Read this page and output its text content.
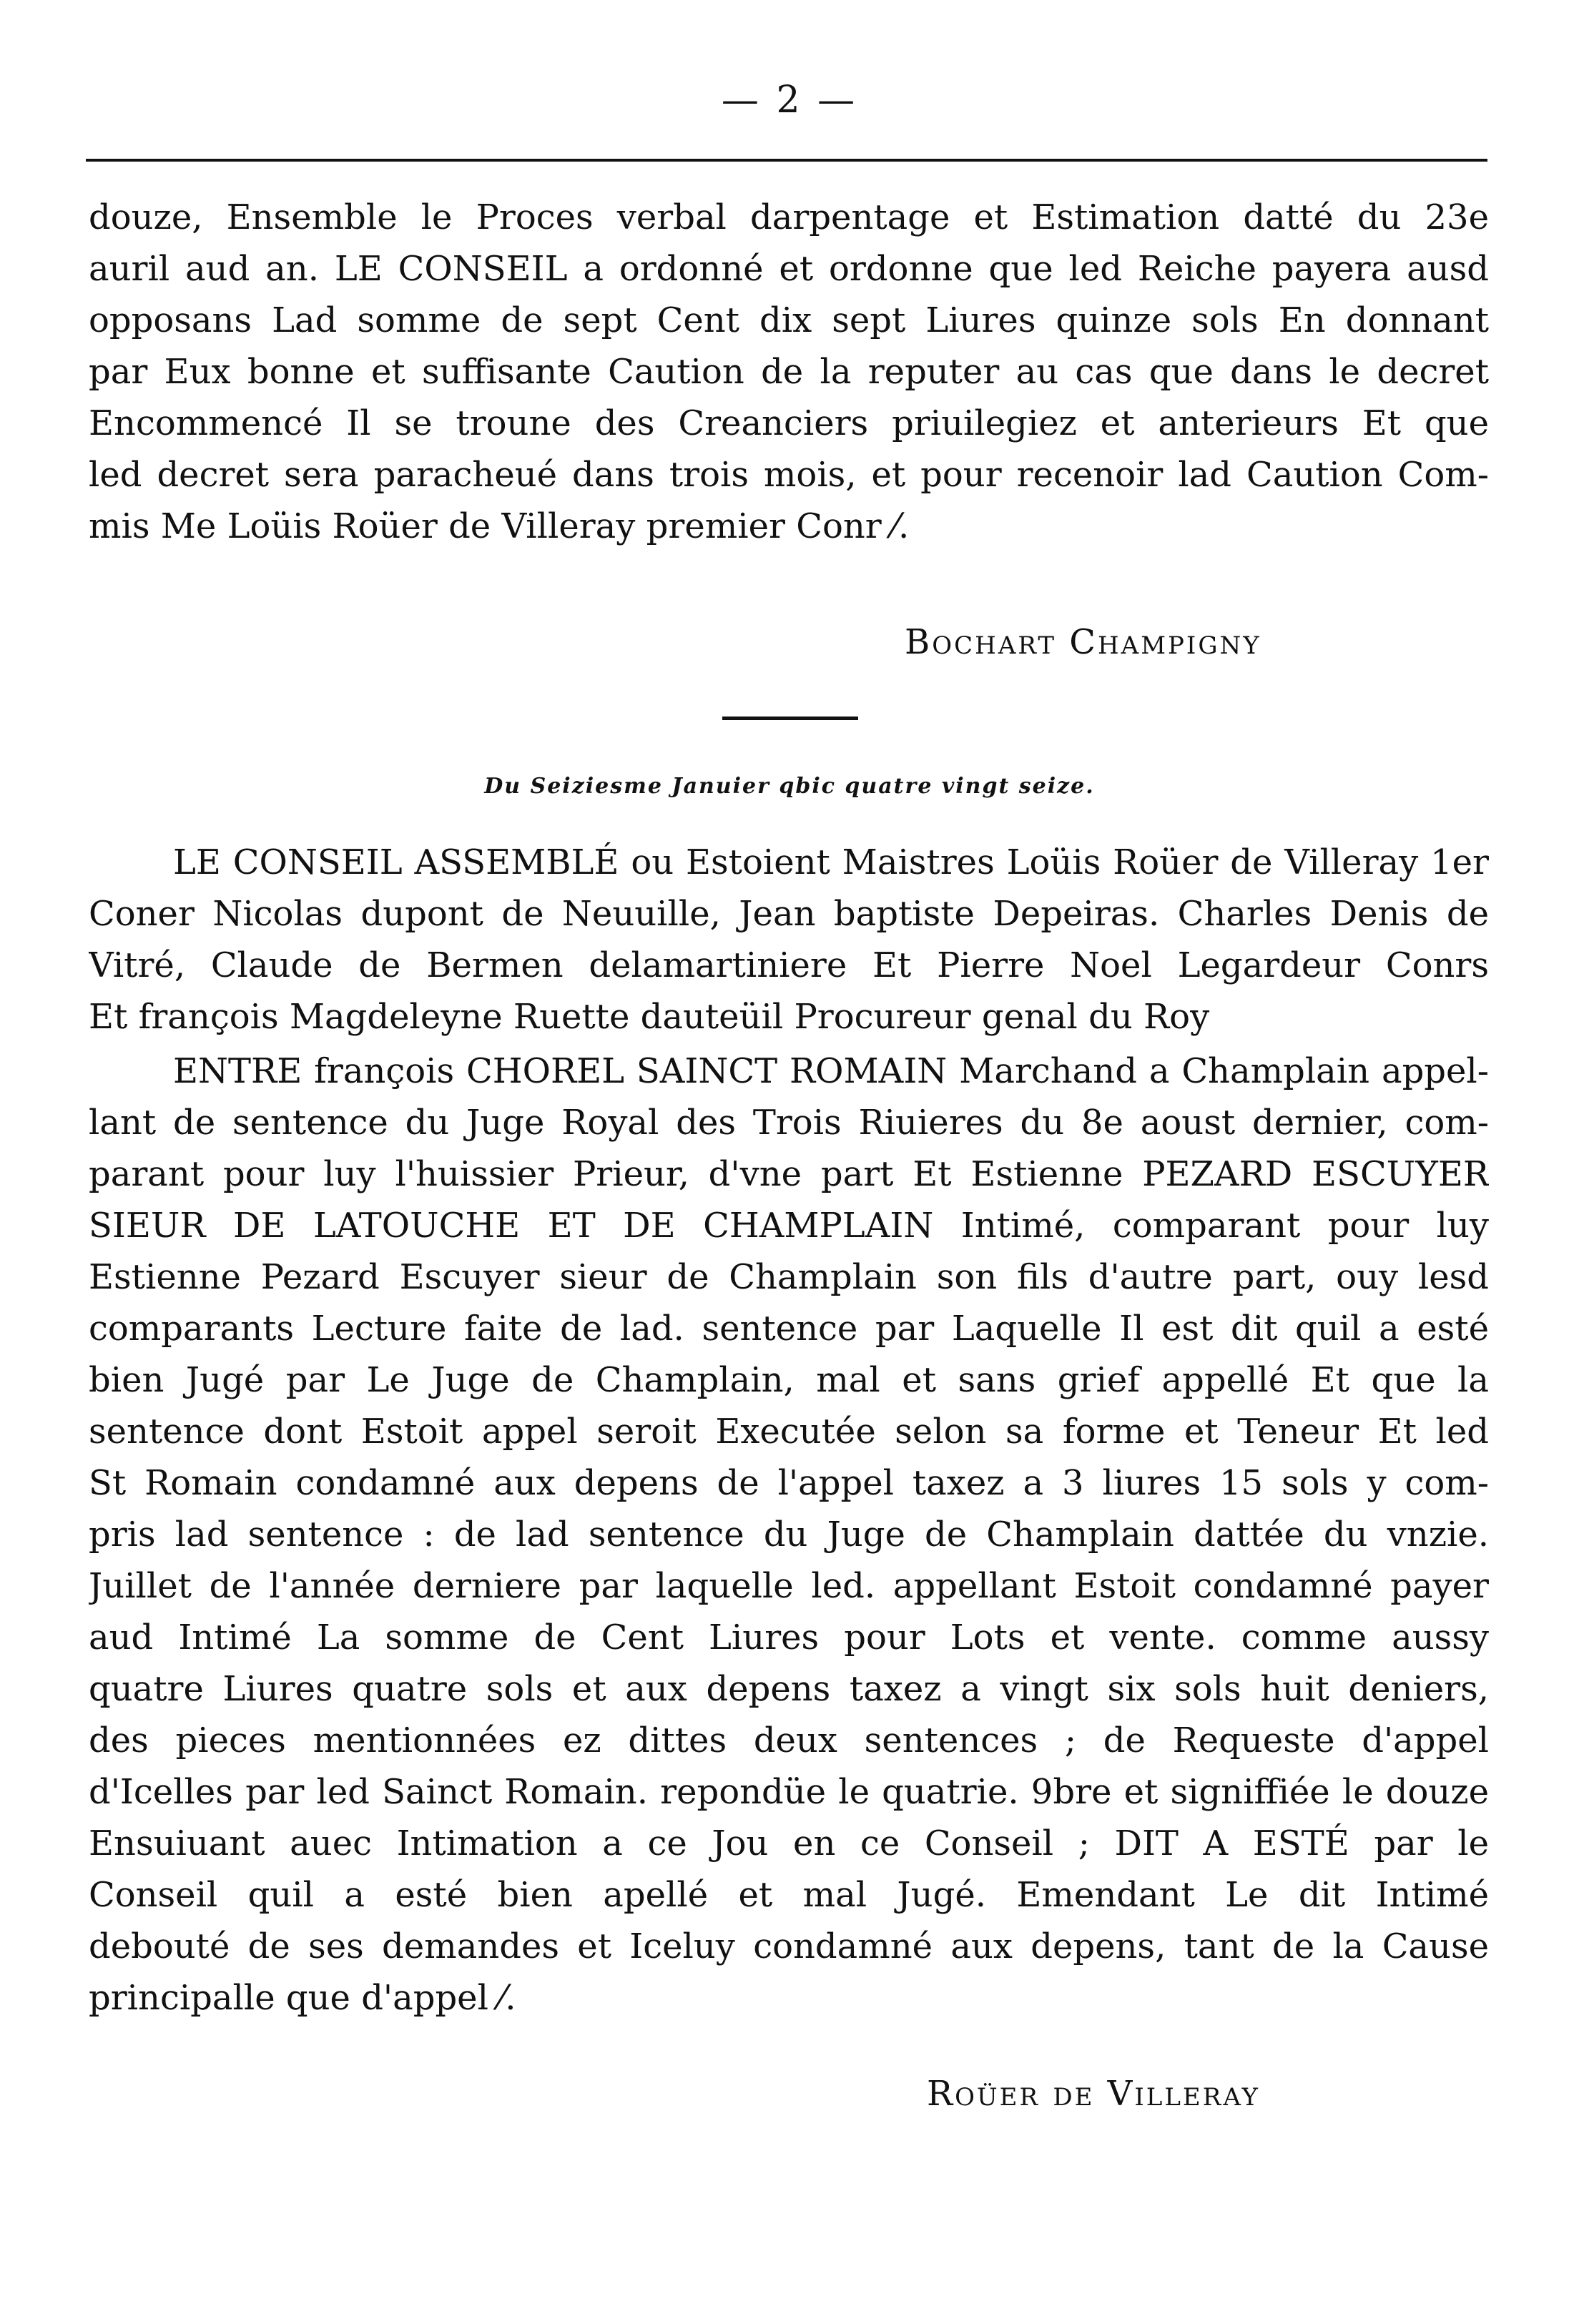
— 2 —
douze, Ensemble le Proces verbal darpentage et Estimation datté du 23e
auril aud an. LE CONSEIL a ordonné et ordonne que led Reiche payera ausd
opposans Lad somme de sept Cent dix sept Liures quinze sols En donnant
par Eux bonne et suffisante Caution de la reputer au cas que dans le decret
Encommencé Il se troune des Creanciers priuilegiez et anterieurs Et que
led decret sera paracheué dans trois mois, et pour recenoir lad Caution Com-
mis Me Loüis Roüer de Villeray premier Conr ⁄.
Bochart Champigny
Du Seiziesme Januier qbic quatre vingt seize.
LE CONSEIL ASSEMBLÉ ou Estoient Maistres Loüis Roüer de Villeray 1er
Coner Nicolas dupont de Neuuille, Jean baptiste Depeiras. Charles Denis de
Vitré, Claude de Bermen delamartiniere Et Pierre Noel Legardeur Conrs
Et françois Magdeleyne Ruette dauteüil Procureur genal du Roy
ENTRE françois CHOREL SAINCT ROMAIN Marchand a Champlain appel-
lant de sentence du Juge Royal des Trois Riuieres du 8e aoust dernier, com-
parant pour luy l'huissier Prieur, d'vne part Et Estienne PEZARD ESCUYER
SIEUR DE LATOUCHE ET DE CHAMPLAIN Intimé, comparant pour luy
Estienne Pezard Escuyer sieur de Champlain son fils d'autre part, ouy lesd
comparants Lecture faite de lad. sentence par Laquelle Il est dit quil a esté
bien Jugé par Le Juge de Champlain, mal et sans grief appellé Et que la
sentence dont Estoit appel seroit Executée selon sa forme et Teneur Et led
St Romain condamné aux depens de l'appel taxez a 3 liures 15 sols y com-
pris lad sentence : de lad sentence du Juge de Champlain dattée du vnzie.
Juillet de l'année derniere par laquelle led. appellant Estoit condamné payer
aud Intimé La somme de Cent Liures pour Lots et vente. comme aussy
quatre Liures quatre sols et aux depens taxez a vingt six sols huit deniers,
des pieces mentionnées ez dittes deux sentences ; de Requeste d'appel
d'Icelles par led Sainct Romain. repondüe le quatrie. 9bre et signiffiée le douze
Ensuiuant auec Intimation a ce Jou en ce Conseil ; DIT A ESTÉ par le
Conseil quil a esté bien apellé et mal Jugé. Emendant Le dit Intimé
debouté de ses demandes et Iceluy condamné aux depens, tant de la Cause
principalle que d'appel ⁄.
Roüer de Villeray
